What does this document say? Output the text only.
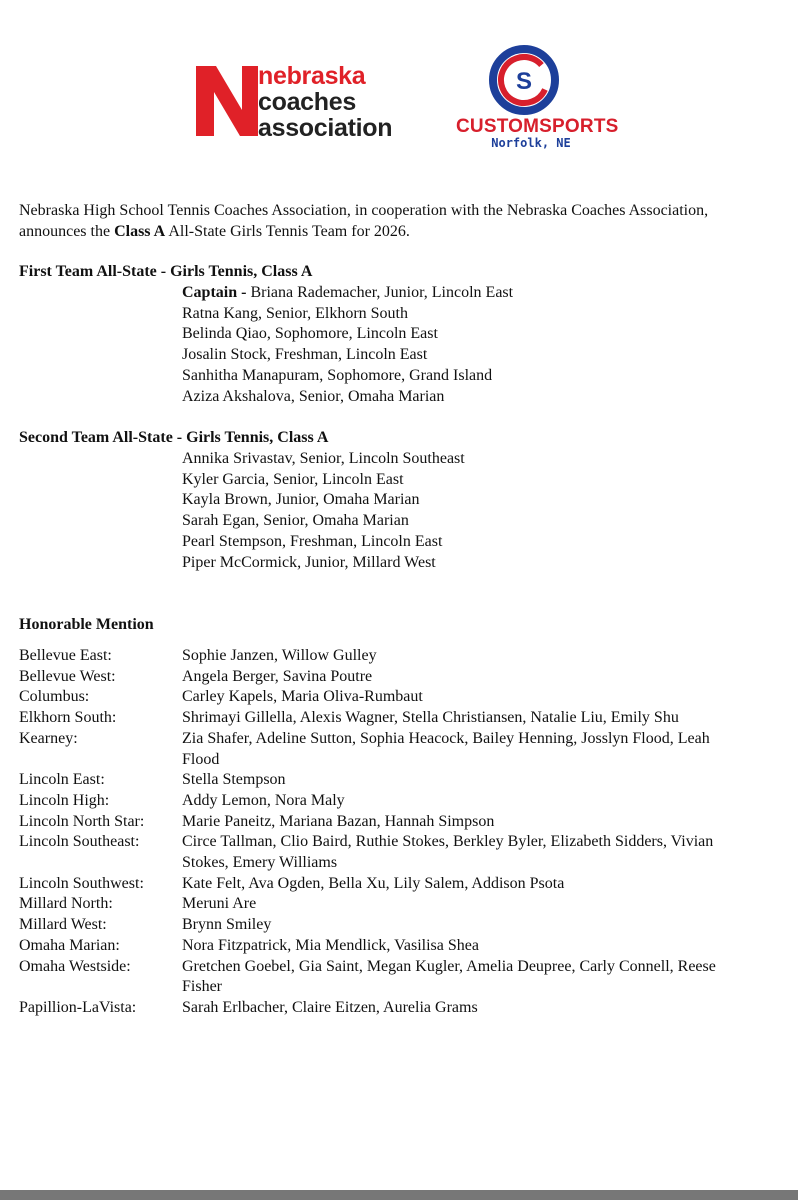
nebraska
coaches
association
S
CUSTOMSPORTS
Norfolk, NE
Nebraska High School Tennis Coaches Association, in cooperation with the Nebraska Coaches Association,
announces the Class A All-State Girls Tennis Team for 2026.
First Team All-State - Girls Tennis, Class A
Captain - Briana Rademacher, Junior, Lincoln East
Ratna Kang, Senior, Elkhorn South
Belinda Qiao, Sophomore, Lincoln East
Josalin Stock, Freshman, Lincoln East
Sanhitha Manapuram, Sophomore, Grand Island
Aziza Akshalova, Senior, Omaha Marian
Second Team All-State - Girls Tennis, Class A
Annika Srivastav, Senior, Lincoln Southeast
Kyler Garcia, Senior, Lincoln East
Kayla Brown, Junior, Omaha Marian
Sarah Egan, Senior, Omaha Marian
Pearl Stempson, Freshman, Lincoln East
Piper McCormick, Junior, Millard West
Honorable Mention
Bellevue East:	Sophie Janzen, Willow Gulley
Bellevue West:	Angela Berger, Savina Poutre
Columbus:	Carley Kapels, Maria Oliva-Rumbaut
Elkhorn South:	Shrimayi Gillella, Alexis Wagner, Stella Christiansen, Natalie Liu, Emily Shu
Kearney:	Zia Shafer, Adeline Sutton, Sophia Heacock, Bailey Henning, Josslyn Flood, Leah Flood
Lincoln East:	Stella Stempson
Lincoln High:	Addy Lemon, Nora Maly
Lincoln North Star:	Marie Paneitz, Mariana Bazan, Hannah Simpson
Lincoln Southeast:	Circe Tallman, Clio Baird, Ruthie Stokes, Berkley Byler, Elizabeth Sidders, Vivian Stokes, Emery Williams
Lincoln Southwest:	Kate Felt, Ava Ogden, Bella Xu, Lily Salem, Addison Psota
Millard North:	Meruni Are
Millard West:	Brynn Smiley
Omaha Marian:	Nora Fitzpatrick, Mia Mendlick, Vasilisa Shea
Omaha Westside:	Gretchen Goebel, Gia Saint, Megan Kugler, Amelia Deupree, Carly Connell, Reese Fisher
Papillion-LaVista:	Sarah Erlbacher, Claire Eitzen, Aurelia Grams
